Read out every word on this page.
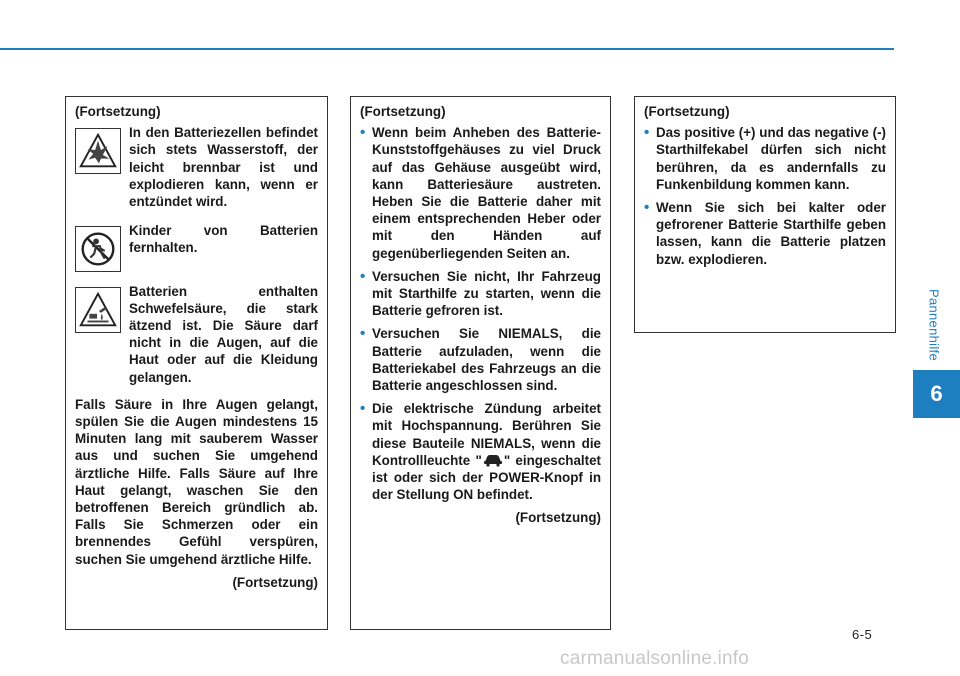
Pannenhilfe
6
(Fortsetzung)
In den Batteriezellen befindet sich stets Wasserstoff, der leicht brennbar ist und explodieren kann, wenn er entzündet wird.
Kinder von Batterien fernhalten.
Batterien enthalten Schwefelsäure, die stark ätzend ist. Die Säure darf nicht in die Augen, auf die Haut oder auf die Kleidung gelangen.
Falls Säure in Ihre Augen gelangt, spülen Sie die Augen mindestens 15 Minuten lang mit sauberem Wasser aus und suchen Sie umgehend ärztliche Hilfe. Falls Säure auf Ihre Haut gelangt, waschen Sie den betroffenen Bereich gründlich ab. Falls Sie Schmerzen oder ein brennendes Gefühl verspüren, suchen Sie umgehend ärztliche Hilfe.
(Fortsetzung)
(Fortsetzung)
• Wenn beim Anheben des Batterie-Kunststoffgehäuses zu viel Druck auf das Gehäuse ausgeübt wird, kann Batteriesäure austreten. Heben Sie die Batterie daher mit einem entsprechenden Heber oder mit den Händen auf gegenüberliegenden Seiten an.
• Versuchen Sie nicht, Ihr Fahrzeug mit Starthilfe zu starten, wenn die Batterie gefroren ist.
• Versuchen Sie NIEMALS, die Batterie aufzuladen, wenn die Batteriekabel des Fahrzeugs an die Batterie angeschlossen sind.
• Die elektrische Zündung arbeitet mit Hochspannung. Berühren Sie diese Bauteile NIEMALS, wenn die Kontrollleuchte " " eingeschaltet ist oder sich der POWER-Knopf in der Stellung ON befindet.
(Fortsetzung)
(Fortsetzung)
• Das positive (+) und das negative (-) Starthilfekabel dürfen sich nicht berühren, da es andernfalls zu Funkenbildung kommen kann.
• Wenn Sie sich bei kalter oder gefrorener Batterie Starthilfe geben lassen, kann die Batterie platzen bzw. explodieren.
6-5
carmanualsonline.info
